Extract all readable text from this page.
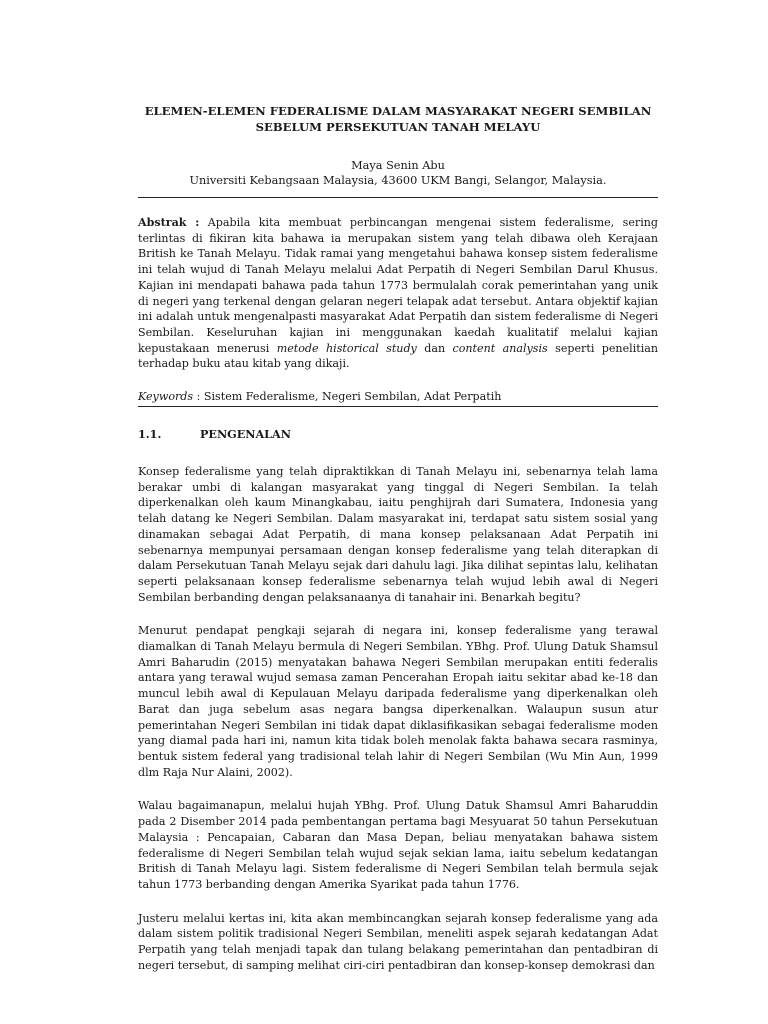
ELEMEN-ELEMEN FEDERALISME DALAM MASYARAKAT NEGERI SEMBILAN
SEBELUM PERSEKUTUAN TANAH MELAYU
Maya Senin Abu
Universiti Kebangsaan Malaysia, 43600 UKM Bangi, Selangor, Malaysia.
Abstrak : Apabila kita membuat perbincangan mengenai sistem federalisme, sering terlintas di fikiran kita bahawa ia merupakan sistem yang telah dibawa oleh Kerajaan British ke Tanah Melayu. Tidak ramai yang mengetahui bahawa konsep sistem federalisme ini telah wujud di Tanah Melayu melalui Adat Perpatih di Negeri Sembilan Darul Khusus. Kajian ini mendapati bahawa pada tahun 1773 bermulalah corak pemerintahan yang unik di negeri yang terkenal dengan gelaran negeri telapak adat tersebut. Antara objektif kajian ini adalah untuk mengenalpasti masyarakat Adat Perpatih dan sistem federalisme di Negeri Sembilan. Keseluruhan kajian ini menggunakan kaedah kualitatif melalui kajian kepustakaan menerusi metode historical study dan content analysis seperti penelitian terhadap buku atau kitab yang dikaji.
Keywords : Sistem Federalisme, Negeri Sembilan, Adat Perpatih
1.1.	PENGENALAN

Konsep federalisme yang telah dipraktikkan di Tanah Melayu ini, sebenarnya telah lama berakar umbi di kalangan masyarakat yang tinggal di Negeri Sembilan. Ia telah diperkenalkan oleh kaum Minangkabau, iaitu penghijrah dari Sumatera, Indonesia yang telah datang ke Negeri Sembilan. Dalam masyarakat ini, terdapat satu sistem sosial yang dinamakan sebagai Adat Perpatih, di mana konsep pelaksanaan Adat Perpatih ini sebenarnya mempunyai persamaan dengan konsep federalisme yang telah diterapkan di dalam Persekutuan Tanah Melayu sejak dari dahulu lagi. Jika dilihat sepintas lalu, kelihatan seperti pelaksanaan konsep federalisme sebenarnya telah wujud lebih awal di Negeri Sembilan berbanding dengan pelaksanaanya di tanahair ini. Benarkah begitu?

Menurut pendapat pengkaji sejarah di negara ini, konsep federalisme yang terawal diamalkan di Tanah Melayu bermula di Negeri Sembilan. YBhg. Prof. Ulung Datuk Shamsul Amri Baharudin (2015) menyatakan bahawa Negeri Sembilan merupakan entiti federalis antara yang terawal wujud semasa zaman Pencerahan Eropah iaitu sekitar abad ke-18 dan muncul lebih awal di Kepulauan Melayu daripada federalisme yang diperkenalkan oleh Barat dan juga sebelum asas negara bangsa diperkenalkan. Walaupun susun atur pemerintahan Negeri Sembilan ini tidak dapat diklasifikasikan sebagai federalisme moden yang diamal pada hari ini, namun kita tidak boleh menolak fakta bahawa secara rasminya, bentuk sistem federal yang tradisional telah lahir di Negeri Sembilan (Wu Min Aun, 1999 dlm Raja Nur Alaini, 2002).

Walau bagaimanapun, melalui hujah YBhg. Prof. Ulung Datuk Shamsul Amri Baharuddin pada 2 Disember 2014 pada pembentangan pertama bagi Mesyuarat 50 tahun Persekutuan Malaysia : Pencapaian, Cabaran dan Masa Depan, beliau menyatakan bahawa sistem federalisme di Negeri Sembilan telah wujud sejak sekian lama, iaitu sebelum kedatangan British di Tanah Melayu lagi. Sistem federalisme di Negeri Sembilan telah bermula sejak tahun 1773 berbanding dengan Amerika Syarikat pada tahun 1776.

Justeru melalui kertas ini, kita akan membincangkan sejarah konsep federalisme yang ada dalam sistem politik tradisional Negeri Sembilan, meneliti aspek sejarah kedatangan Adat Perpatih yang telah menjadi tapak dan tulang belakang pemerintahan dan pentadbiran di negeri tersebut, di samping melihat ciri-ciri pentadbiran dan konsep-konsep demokrasi dan
